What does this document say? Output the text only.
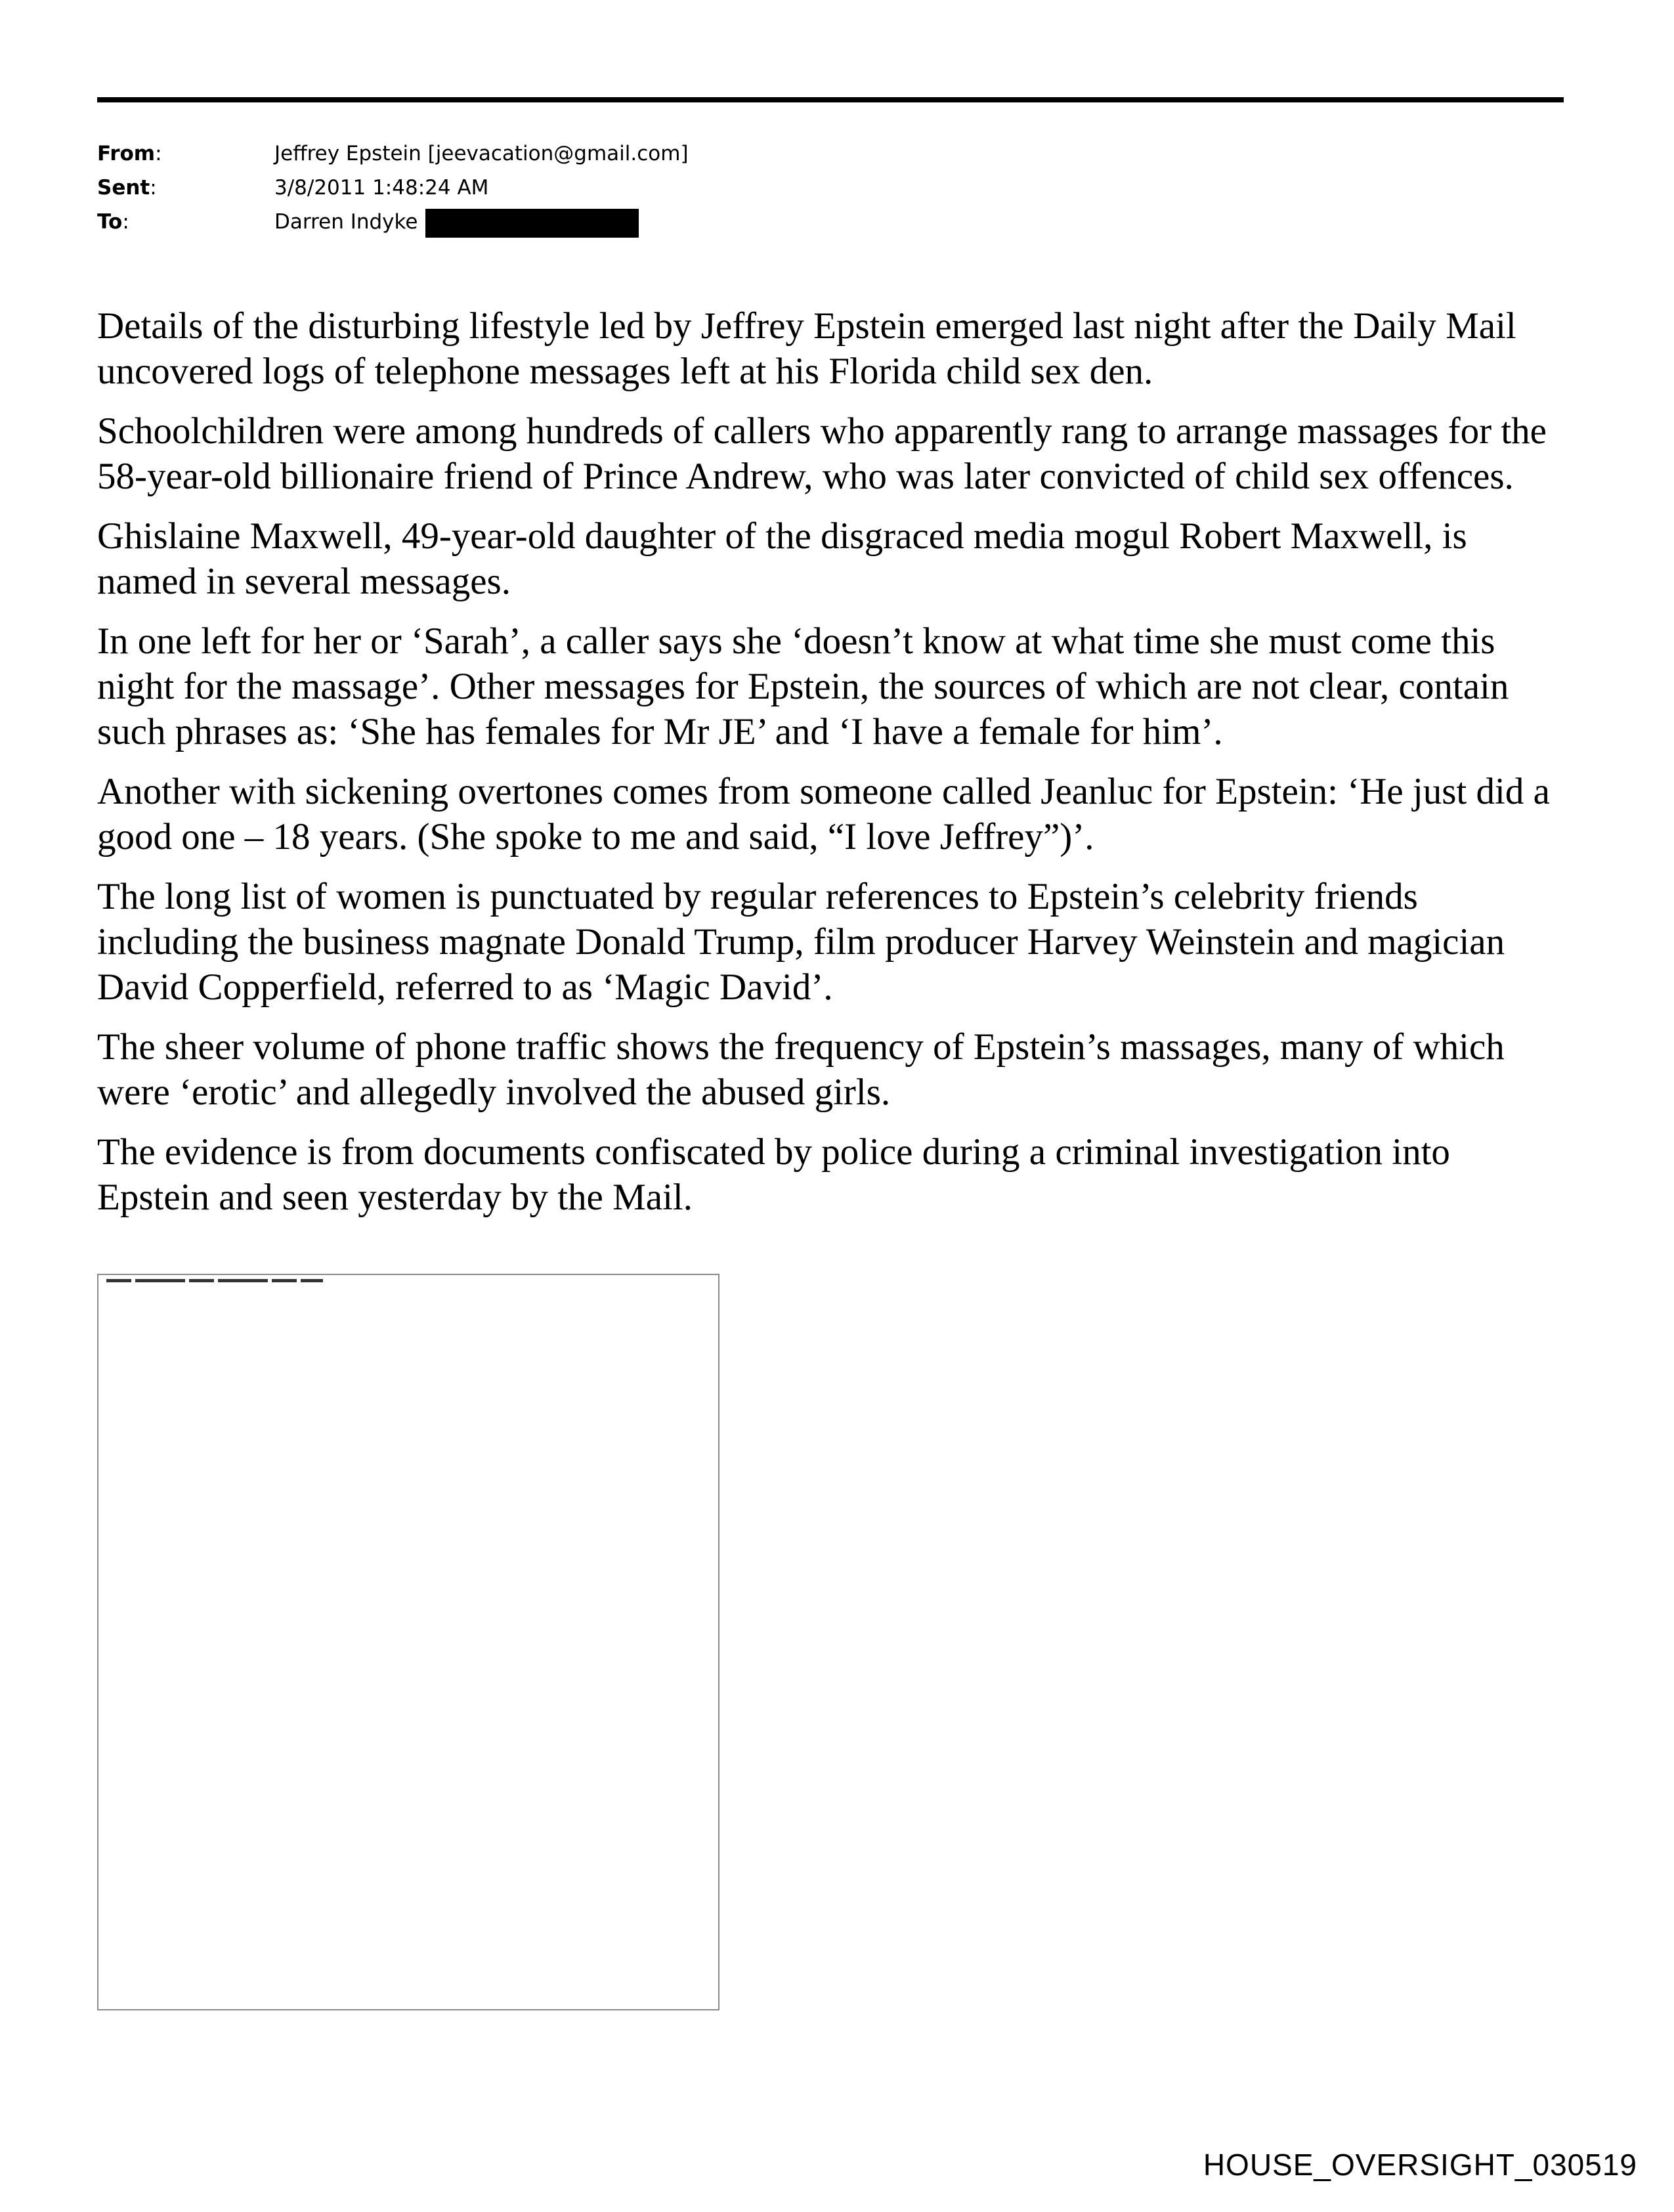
From:	Jeffrey Epstein [jeevacation@gmail.com]
Sent:	3/8/2011 1:48:24 AM
To:	Darren Indyke

Details of the disturbing lifestyle led by Jeffrey Epstein emerged last night after the Daily Mail uncovered logs of telephone messages left at his Florida child sex den.

Schoolchildren were among hundreds of callers who apparently rang to arrange massages for the 58-year-old billionaire friend of Prince Andrew, who was later convicted of child sex offences.

Ghislaine Maxwell, 49-year-old daughter of the disgraced media mogul Robert Maxwell, is named in several messages.

In one left for her or ‘Sarah’, a caller says she ‘doesn’t know at what time she must come this night for the massage’. Other messages for Epstein, the sources of which are not clear, contain such phrases as: ‘She has females for Mr JE’ and ‘I have a female for him’.

Another with sickening overtones comes from someone called Jeanluc for Epstein: ‘He just did a good one – 18 years. (She spoke to me and said, “I love Jeffrey”)’.

The long list of women is punctuated by regular references to Epstein’s celebrity friends including the business magnate Donald Trump, film producer Harvey Weinstein and magician David Copperfield, referred to as ‘Magic David’.

The sheer volume of phone traffic shows the frequency of Epstein’s massages, many of which were ‘erotic’ and allegedly involved the abused girls.

The evidence is from documents confiscated by police during a criminal investigation into Epstein and seen yesterday by the Mail.

HOUSE_OVERSIGHT_030519
